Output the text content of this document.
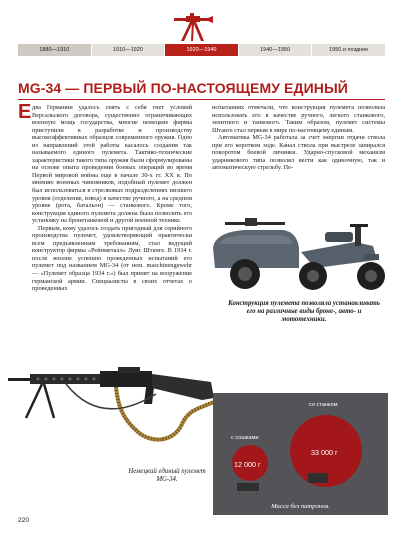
1880—1910	1910—1920	1920—1940	1940—1950	1950 и позднее
MG-34 — ПЕРВЫЙ ПО-НАСТОЯЩЕМУ ЕДИНЫЙ
Е два Германии удалось снять с себя гнет условий Версальского договора, существенно ограничивающих военную мощь государства, многие немецкие фирмы приступили к разработке и производству высокоэффективных образцов современного оружия. Одно из направлений этой работы касалось создания так называемого единого пулемета. Тактико-технические характеристики такого типа оружия были сформулированы на основе опыта проведения боевых операций во время Первой мировой войны еще в начале 30-х гг. XX в. По мнению военных чиновников, подобный пулемет должен был использоваться в стрелковых подразделениях низшего уровня (отделение, взвод) в качестве ручного, а на среднем уровне (рота, батальон) — станкового. Кроме того, конструкция единого пулемета должна была позволять его установку на бронетанковой и другой военной технике.

Первым, кому удалось создать пригодный для серийного производства пулемет, удовлетворяющий практически всем предъявленным требованиям, стал ведущий конструктор фирмы «Рейнметалл» Луис Штанге. В 1934 г. после вполне успешно проведенных испытаний его пулемет под названием MG-34 (от нем. maschinengewehr — «Пулемет образца 1934 г.») был принят на вооружение германской армии. Специалисты в своих отчетах о проведенных

испытаниях отмечали, что конструкция пулемета позволяла использовать его в качестве ручного, легкого станкового, зенитного и танкового. Таким образом, пулемет системы Штанге стал первым в мире по-настоящему единым.

Автоматика MG-34 работала за счет энергии отдачи ствола при его коротком ходе. Канал ствола при выстреле запирался поворотом боевой личинки. Ударно-спусковой механизм ударникового типа позволял вести как одиночную, так и автоматическую стрельбу. Пе-

Конструкция пулемета позволяла устанавливать его на различные виды броне-, авто- и мототехники.
Немецкий единый пулемет MG-34.
с сошками
12 000 г
со станком
33 000 г
Масса без патронов.
220
